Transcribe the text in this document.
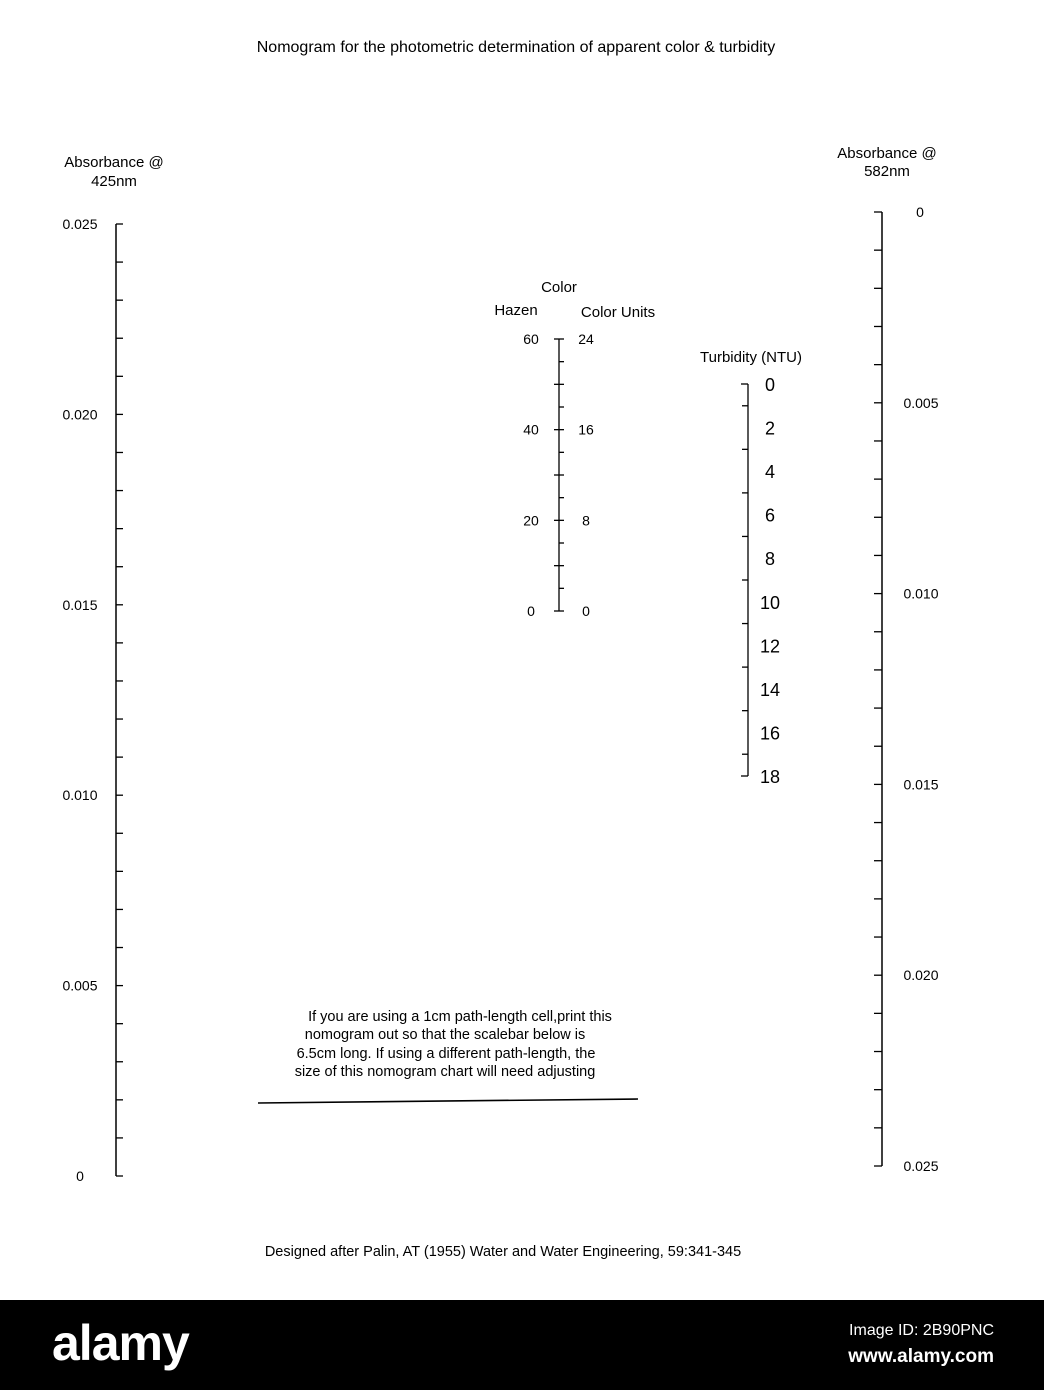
Nomogram for the photometric determination of apparent color & turbidity
Absorbance @
425nm
0.025
0.020
0.015
0.010
0.005
0
Absorbance @
582nm
0
0.005
0.010
0.015
0.020
0.025
Color
Hazen	Color Units
60
40
20
0
24
16
8
0
Turbidity (NTU)
0
2
4
6
8
10
12
14
16
18
If you are using a 1cm path-length cell,print this
nomogram out so that the scalebar below is
6.5cm long. If using a different path-length, the
size of this nomogram chart will need adjusting
Designed after Palin, AT (1955) Water and Water Engineering, 59:341-345
alamy	Image ID: 2B90PNC
www.alamy.com
